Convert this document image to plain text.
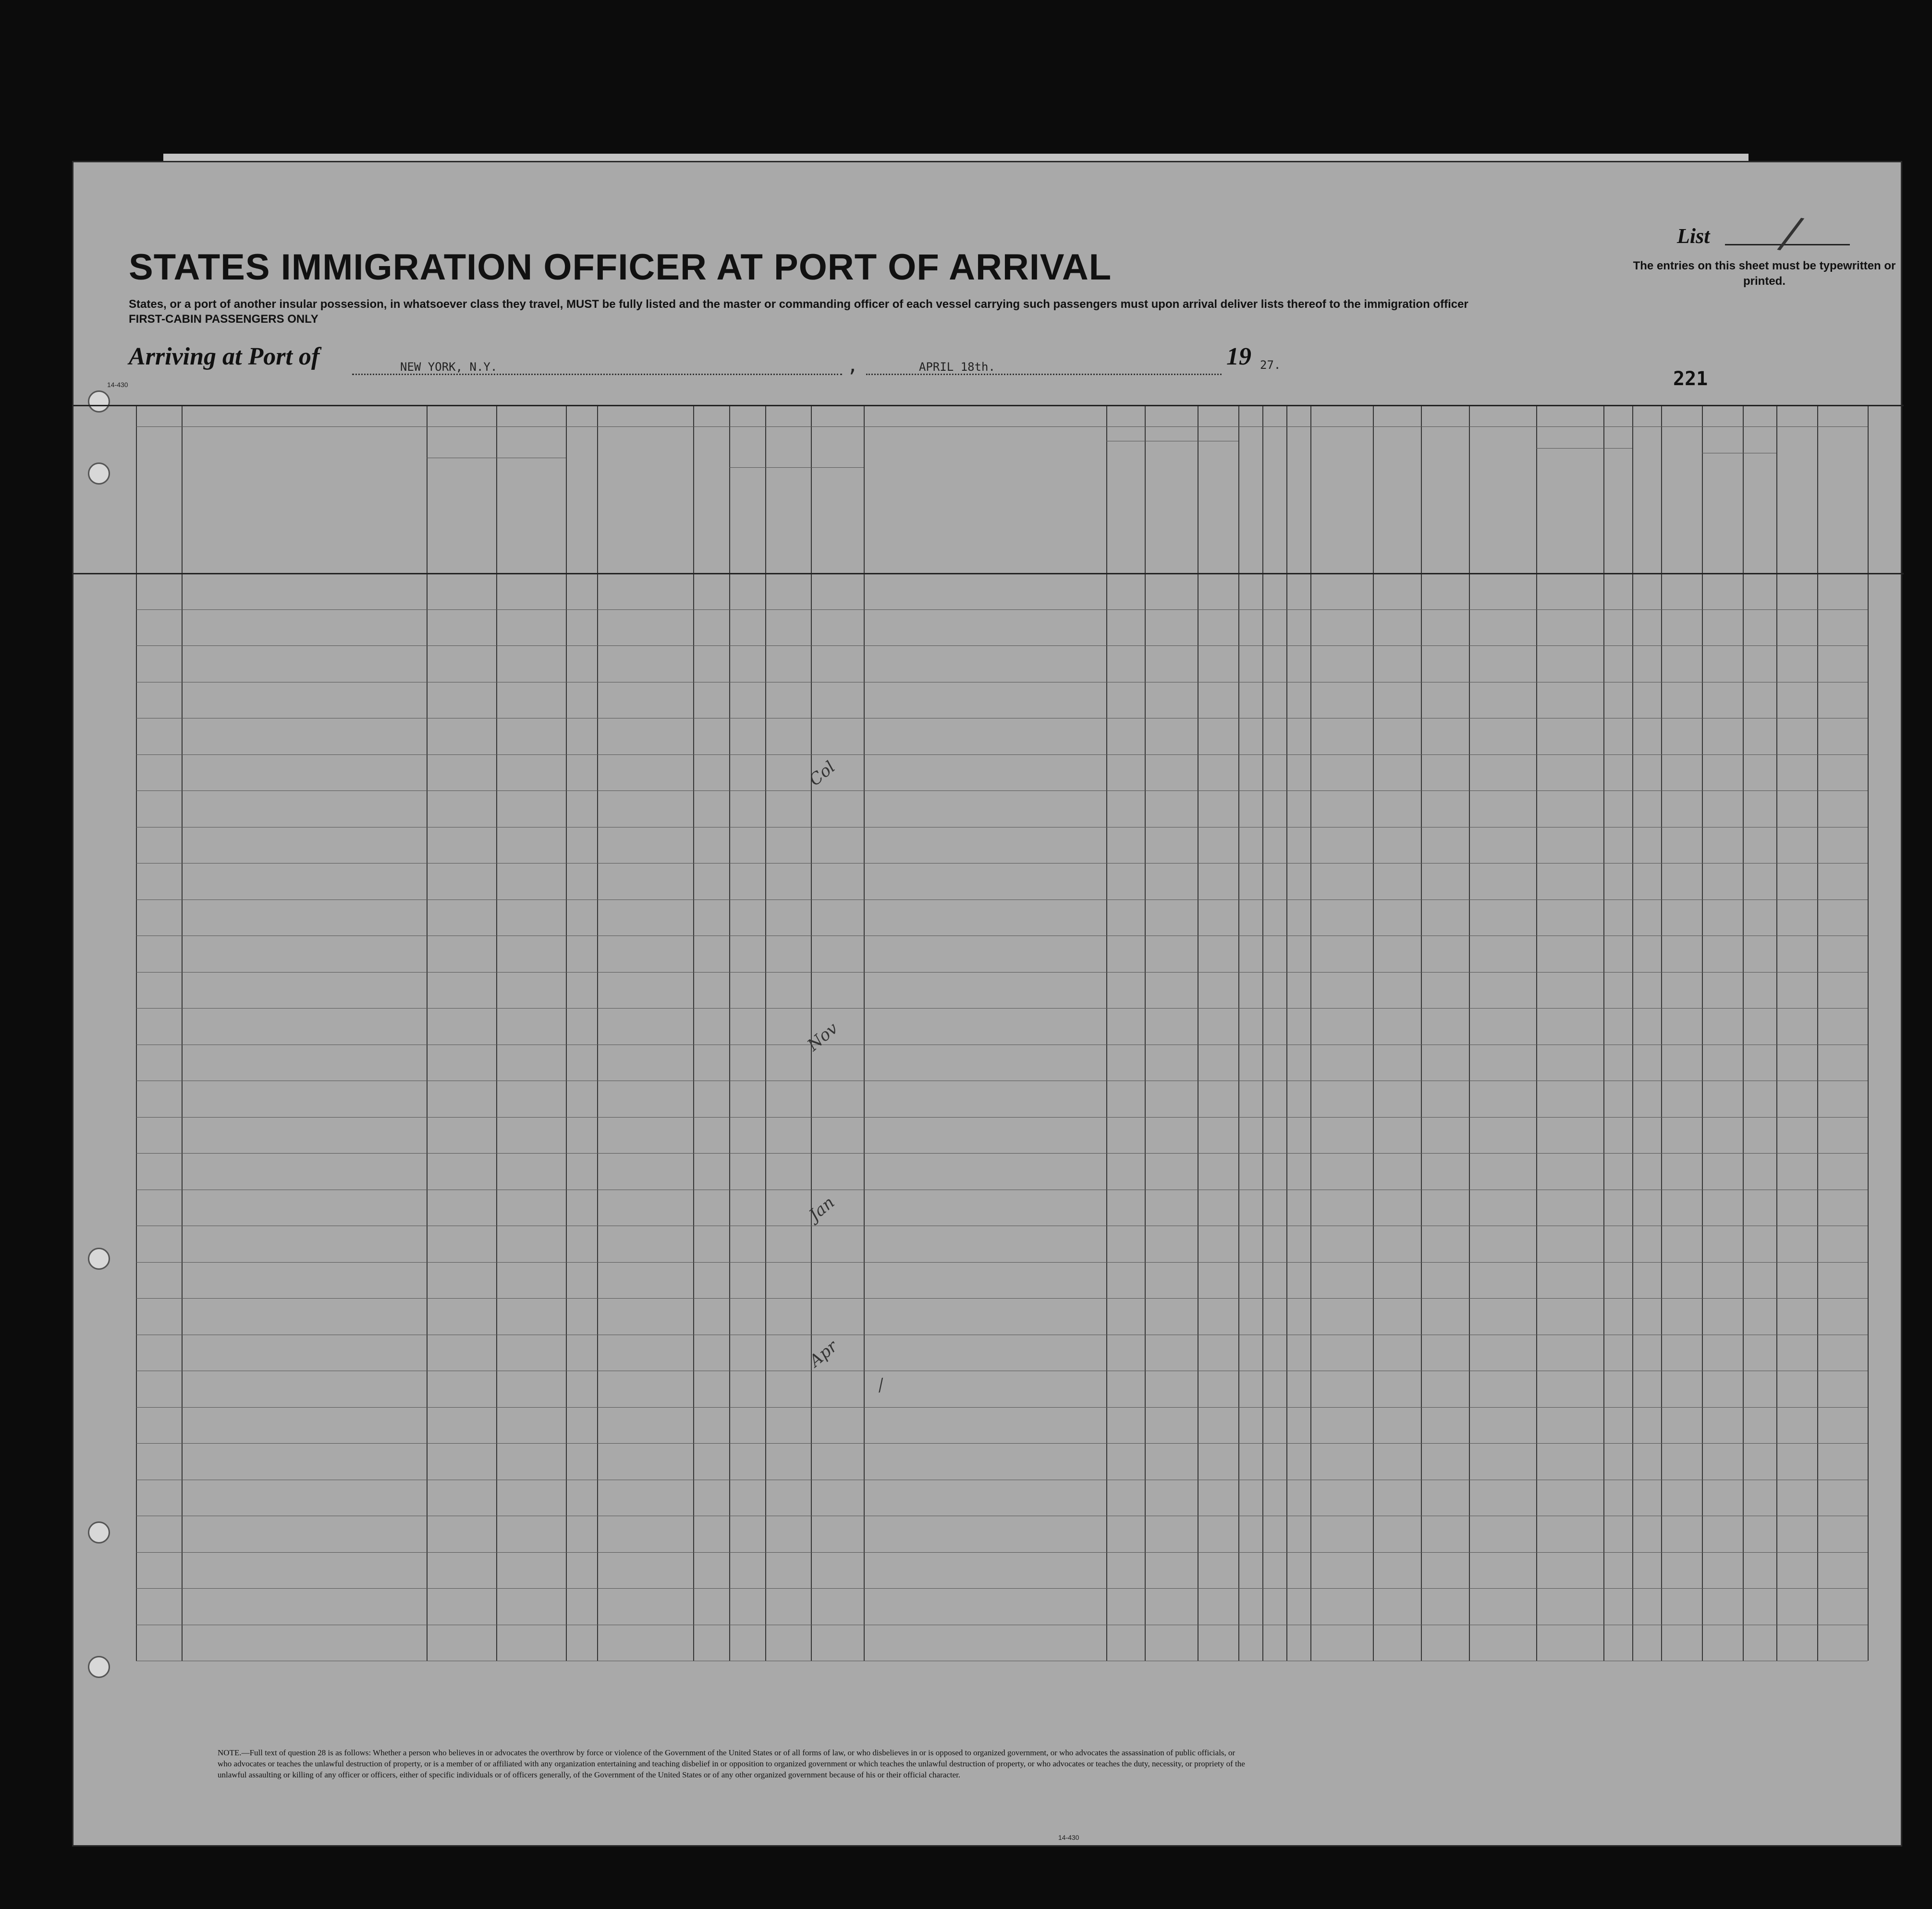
List
The entries on this sheet must be typewritten or printed.
STATES IMMIGRATION OFFICER AT PORT OF ARRIVAL
States, or a port of another insular possession, in whatsoever class they travel, MUST be fully listed and the master or commanding officer of each vessel carrying such passengers must upon arrival deliver lists thereof to the immigration officer
FIRST-CABIN PASSENGERS ONLY
Arriving at Port of	NEW YORK, N.Y.	,	APRIL 18th.	19 27.
221
14-430
Col
Nov
Jan
Apr
/
/
NOTE.—Full text of question 28 is as follows: Whether a person who believes in or advocates the overthrow by force or violence of the Government of the United States or of all forms of law, or who disbelieves in or is opposed to organized government, or who advocates the assassination of public officials, or who advocates or teaches the unlawful destruction of property, or is a member of or affiliated with any organization entertaining and teaching disbelief in or opposition to organized government or which teaches the unlawful destruction of property, or who advocates or teaches the duty, necessity, or propriety of the unlawful assaulting or killing of any officer or officers, either of specific individuals or of officers generally, of the Government of the United States or of any other organized government because of his or their official character.
14-430
